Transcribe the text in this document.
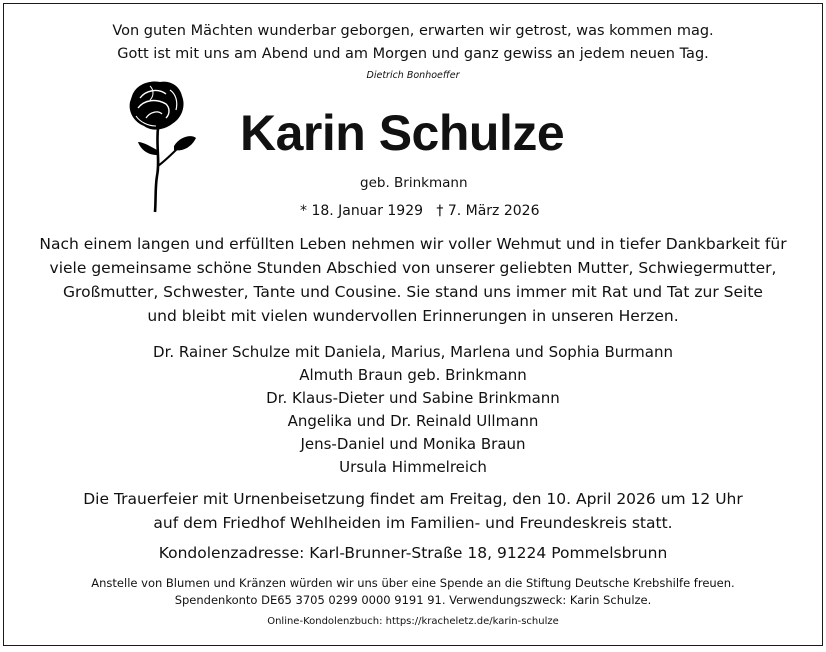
Von guten Mächten wunderbar geborgen, erwarten wir getrost, was kommen mag.
Gott ist mit uns am Abend und am Morgen und ganz gewiss an jedem neuen Tag.
Dietrich Bonhoeffer
Karin Schulze
geb. Brinkmann
* 18. Januar 1929   † 7. März 2026
Nach einem langen und erfüllten Leben nehmen wir voller Wehmut und in tiefer Dankbarkeit für
viele gemeinsame schöne Stunden Abschied von unserer geliebten Mutter, Schwiegermutter,
Großmutter, Schwester, Tante und Cousine. Sie stand uns immer mit Rat und Tat zur Seite
und bleibt mit vielen wundervollen Erinnerungen in unseren Herzen.
Dr. Rainer Schulze mit Daniela, Marius, Marlena und Sophia Burmann
Almuth Braun geb. Brinkmann
Dr. Klaus-Dieter und Sabine Brinkmann
Angelika und Dr. Reinald Ullmann
Jens-Daniel und Monika Braun
Ursula Himmelreich
Die Trauerfeier mit Urnenbeisetzung findet am Freitag, den 10. April 2026 um 12 Uhr
auf dem Friedhof Wehlheiden im Familien- und Freundeskreis statt.
Kondolenzadresse: Karl-Brunner-Straße 18, 91224 Pommelsbrunn
Anstelle von Blumen und Kränzen würden wir uns über eine Spende an die Stiftung Deutsche Krebshilfe freuen.
Spendenkonto DE65 3705 0299 0000 9191 91. Verwendungszweck: Karin Schulze.
Online-Kondolenzbuch: https://kracheletz.de/karin-schulze
